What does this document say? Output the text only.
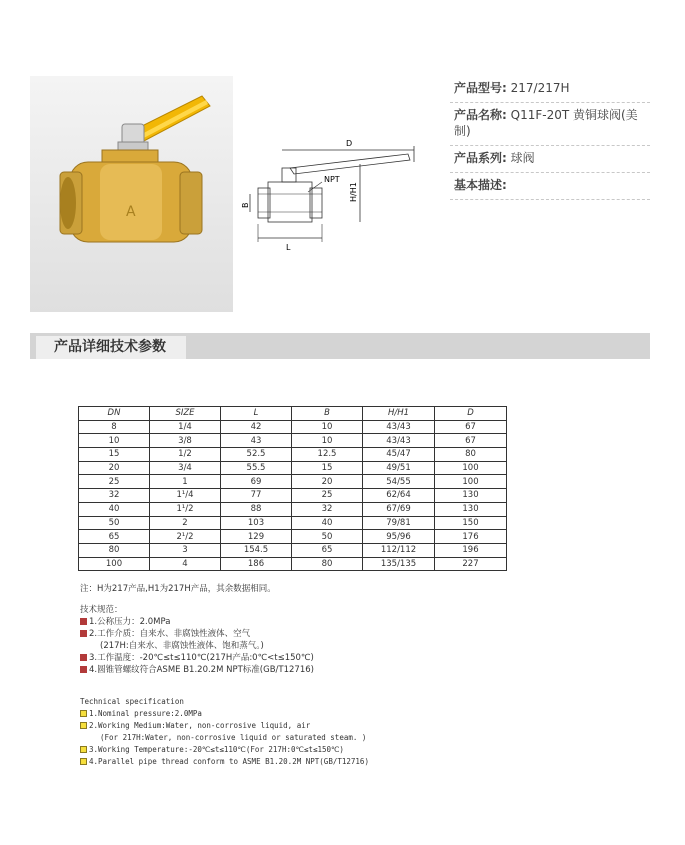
A
D
NPT
H/H1
B
L
产品型号: 217/217H
产品名称: Q11F-20T 黄铜球阀(美制)
产品系列: 球阀
基本描述:
产品详细技术参数
DN	SIZE	L	B	H/H1	D
8	1/4	42	10	43/43	67
10	3/8	43	10	43/43	67
15	1/2	52.5	12.5	45/47	80
20	3/4	55.5	15	49/51	100
25	1	69	20	54/55	100
32	1¹/4	77	25	62/64	130
40	1¹/2	88	32	67/69	130
50	2	103	40	79/81	150
65	2¹/2	129	50	95/96	176
80	3	154.5	65	112/112	196
100	4	186	80	135/135	227
注：H为217产品,H1为217H产品，其余数据相同。
技术规范：
1.公称压力：2.0MPa
2.工作介质：自来水、非腐蚀性液体、空气
(217H:自来水、非腐蚀性液体、饱和蒸气。)
3.工作温度：-20℃≤t≤110℃(217H产品:0℃<t≤150℃)
4.圆锥管螺纹符合ASME B1.20.2M NPT标准(GB/T12716)
Technical specification
1.Nominal pressure:2.0MPa
2.Working Medium:Water, non-corrosive liquid, air
(For 217H:Water, non-corrosive liquid or saturated steam. )
3.Working Temperature:-20℃≤t≤110℃(For 217H:0℃≤t≤150℃)
4.Parallel pipe thread conform to ASME B1.20.2M NPT(GB/T12716)
